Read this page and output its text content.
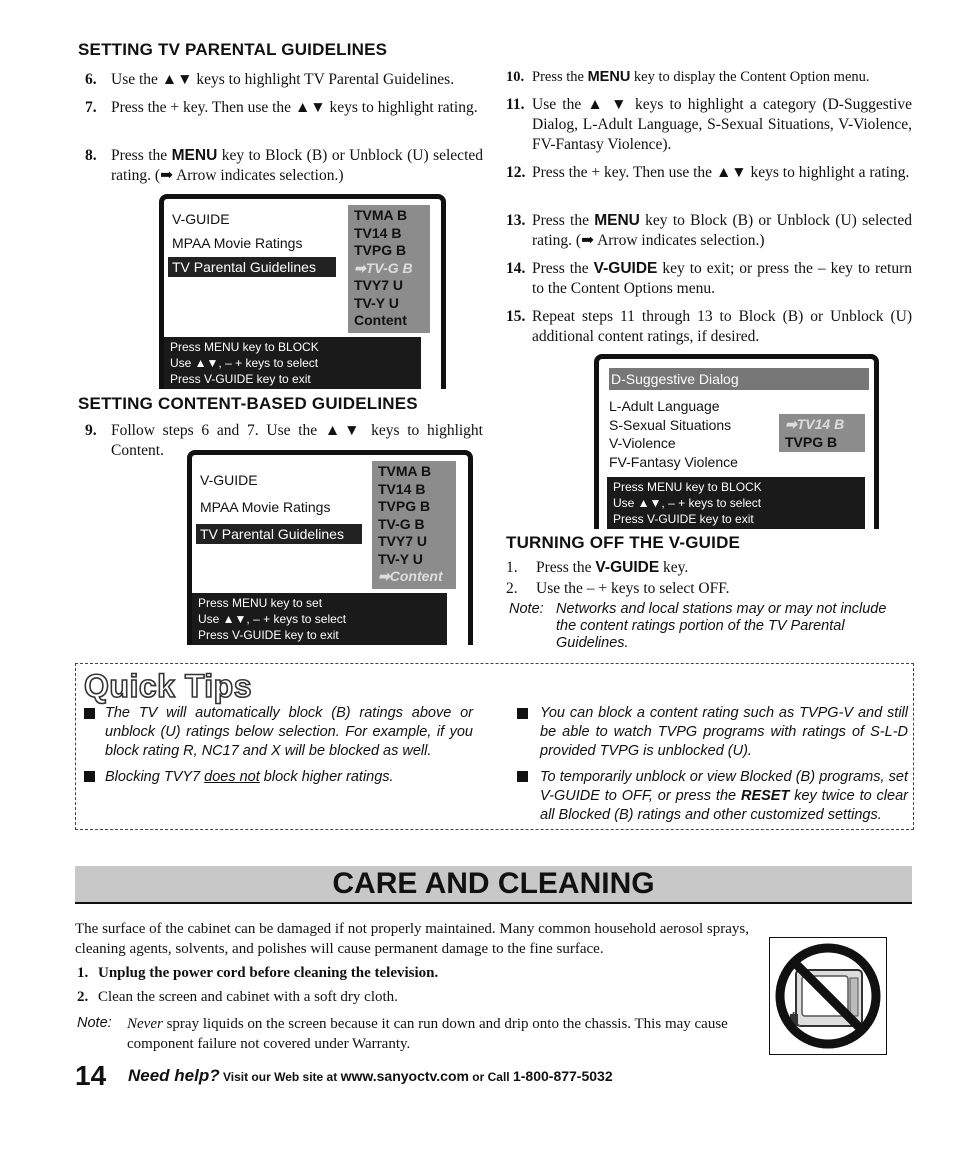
SETTING TV PARENTAL GUIDELINES
6. Use the ▲▼ keys to highlight TV Parental Guidelines.
7. Press the + key. Then use the ▲▼ keys to highlight rating.
8. Press the MENU key to Block (B) or Unblock (U) selected rating. (➡ Arrow indicates selection.)
V-GUIDE
MPAA Movie Ratings
TV Parental Guidelines
TVMA B
TV14 B
TVPG B
➡TV-G B
TVY7 U
TV-Y U
Content
Press MENU key to BLOCK
Use ▲▼, – + keys to select
Press V-GUIDE key to exit
SETTING CONTENT-BASED GUIDELINES
9. Follow steps 6 and 7. Use the ▲▼ keys to highlight Content.
V-GUIDE
MPAA Movie Ratings
TV Parental Guidelines
TVMA B
TV14 B
TVPG B
TV-G B
TVY7 U
TV-Y U
➡Content
Press MENU key to set
Use ▲▼, – + keys to select
Press V-GUIDE key to exit
10. Press the MENU key to display the Content Option menu.
11. Use the ▲ ▼ keys to highlight a category (D-Suggestive Dialog, L-Adult Language, S-Sexual Situations, V-Violence, FV-Fantasy Violence).
12. Press the + key. Then use the ▲▼ keys to highlight a rating.
13. Press the MENU key to Block (B) or Unblock (U) selected rating. (➡ Arrow indicates selection.)
14. Press the V-GUIDE key to exit; or press the – key to return to the Content Options menu.
15. Repeat steps 11 through 13 to Block (B) or Unblock (U) additional content ratings, if desired.
D-Suggestive Dialog
L-Adult Language
S-Sexual Situations
V-Violence
FV-Fantasy Violence
➡TV14 B
TVPG B
Press MENU key to BLOCK
Use ▲▼, – + keys to select
Press V-GUIDE key to exit
TURNING OFF THE V-GUIDE
1. Press the V-GUIDE key.
2. Use the – + keys to select OFF.
Note: Networks and local stations may or may not include the content ratings portion of the TV Parental Guidelines.
Quick Tips
The TV will automatically block (B) ratings above or unblock (U) ratings below selection. For example, if you block rating R, NC17 and X will be blocked as well.
Blocking TVY7 does not block higher ratings.
You can block a content rating such as TVPG-V and still be able to watch TVPG programs with ratings of S-L-D provided TVPG is unblocked (U).
To temporarily unblock or view Blocked (B) programs, set V-GUIDE to OFF, or press the RESET key twice to clear all Blocked (B) ratings and other customized settings.
CARE AND CLEANING
The surface of the cabinet can be damaged if not properly maintained. Many common household aerosol sprays, cleaning agents, solvents, and polishes will cause permanent damage to the fine surface.
1. Unplug the power cord before cleaning the television.
2. Clean the screen and cabinet with a soft dry cloth.
Note: Never spray liquids on the screen because it can run down and drip onto the chassis. This may cause component failure not covered under Warranty.
14 Need help? Visit our Web site at www.sanyoctv.com or Call 1-800-877-5032
